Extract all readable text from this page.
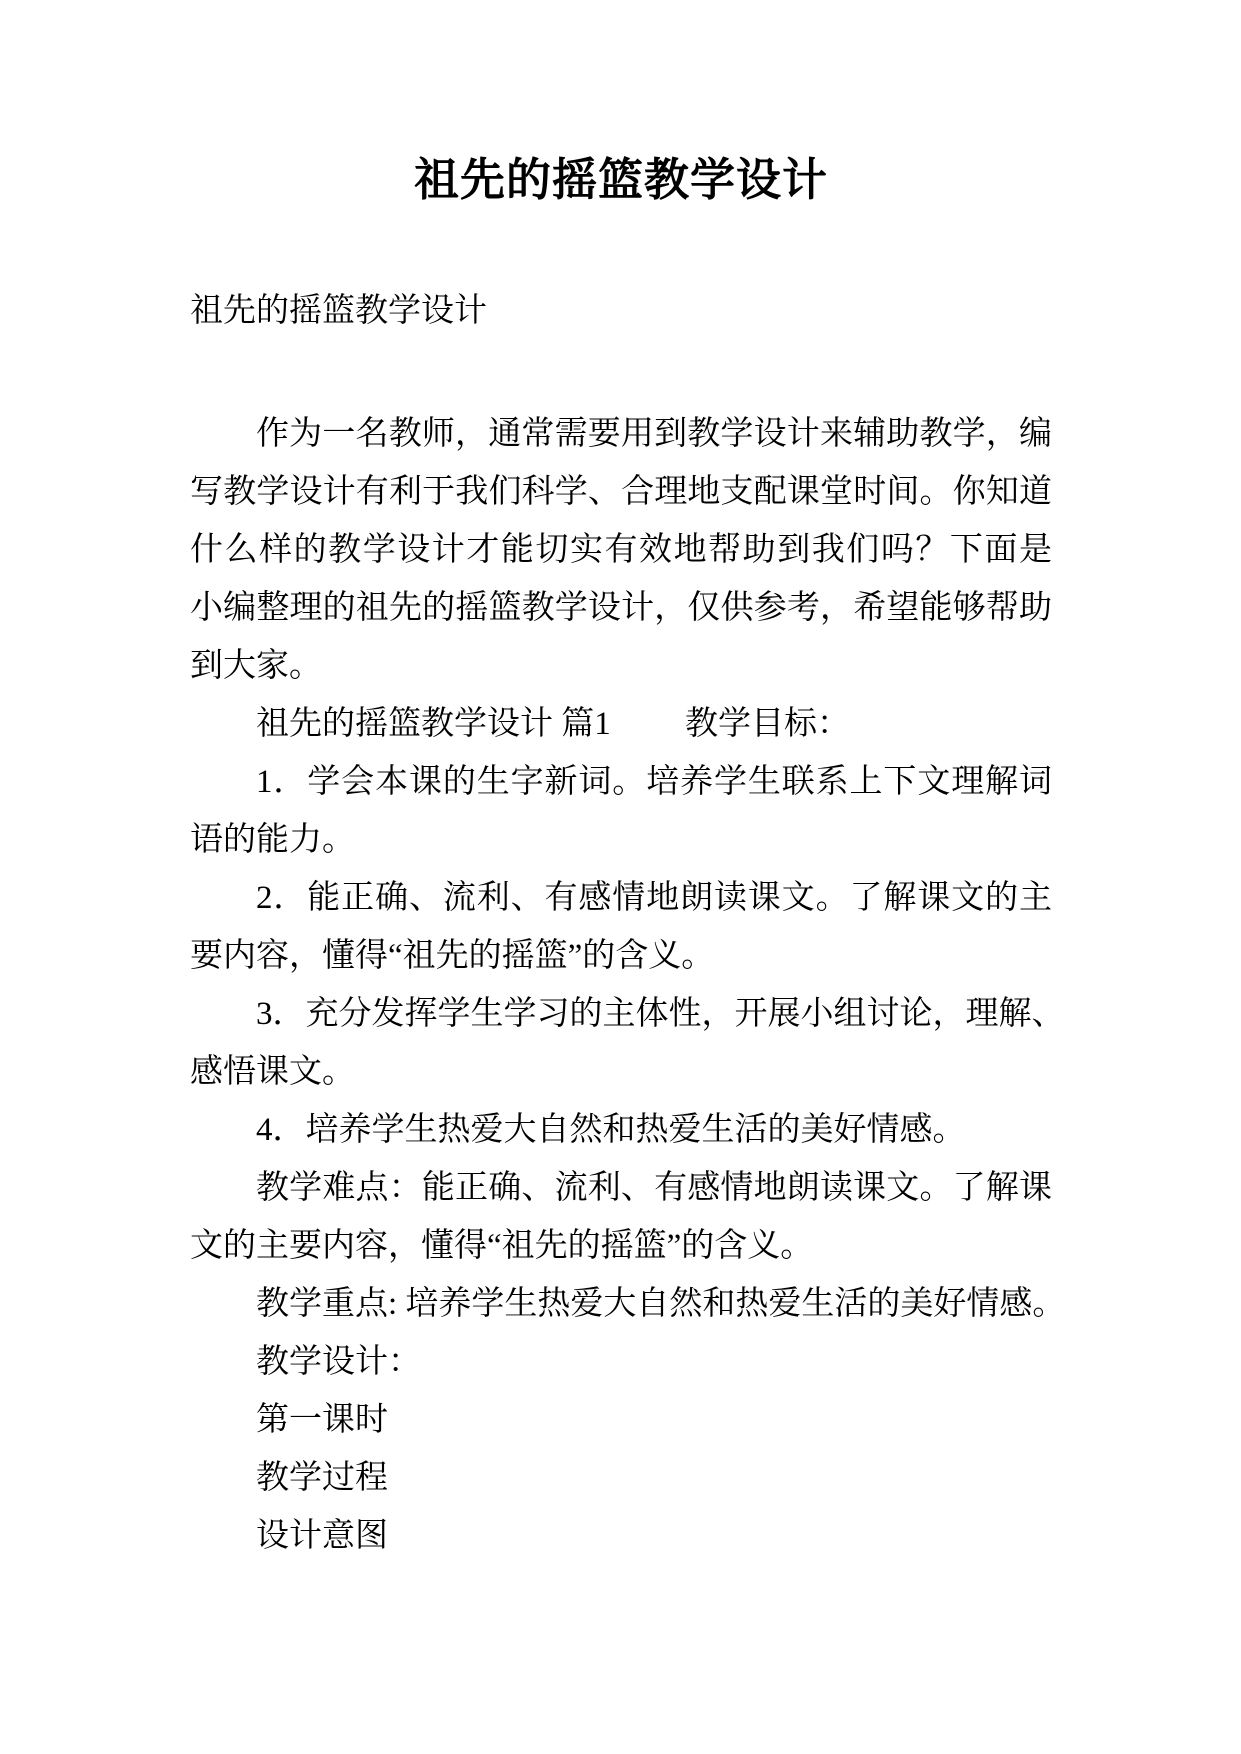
祖先的摇篮教学设计
祖先的摇篮教学设计
作为一名教师，通常需要用到教学设计来辅助教学，编
写教学设计有利于我们科学、合理地支配课堂时间。你知道
什么样的教学设计才能切实有效地帮助到我们吗？下面是
小编整理的祖先的摇篮教学设计，仅供参考，希望能够帮助
到大家。
祖先的摇篮教学设计 篇1　　 教学目标：
1．学会本课的生字新词。培养学生联系上下文理解词
语的能力。
2．能正确、流利、有感情地朗读课文。了解课文的主
要内容，懂得“祖先的摇篮”的含义。
3．充分发挥学生学习的主体性，开展小组讨论，理解、
感悟课文。
4．培养学生热爱大自然和热爱生活的美好情感。
教学难点：能正确、流利、有感情地朗读课文。了解课
文的主要内容，懂得“祖先的摇篮”的含义。
教学重点: 培养学生热爱大自然和热爱生活的美好情感。
教学设计：
第一课时
教学过程
设计意图
